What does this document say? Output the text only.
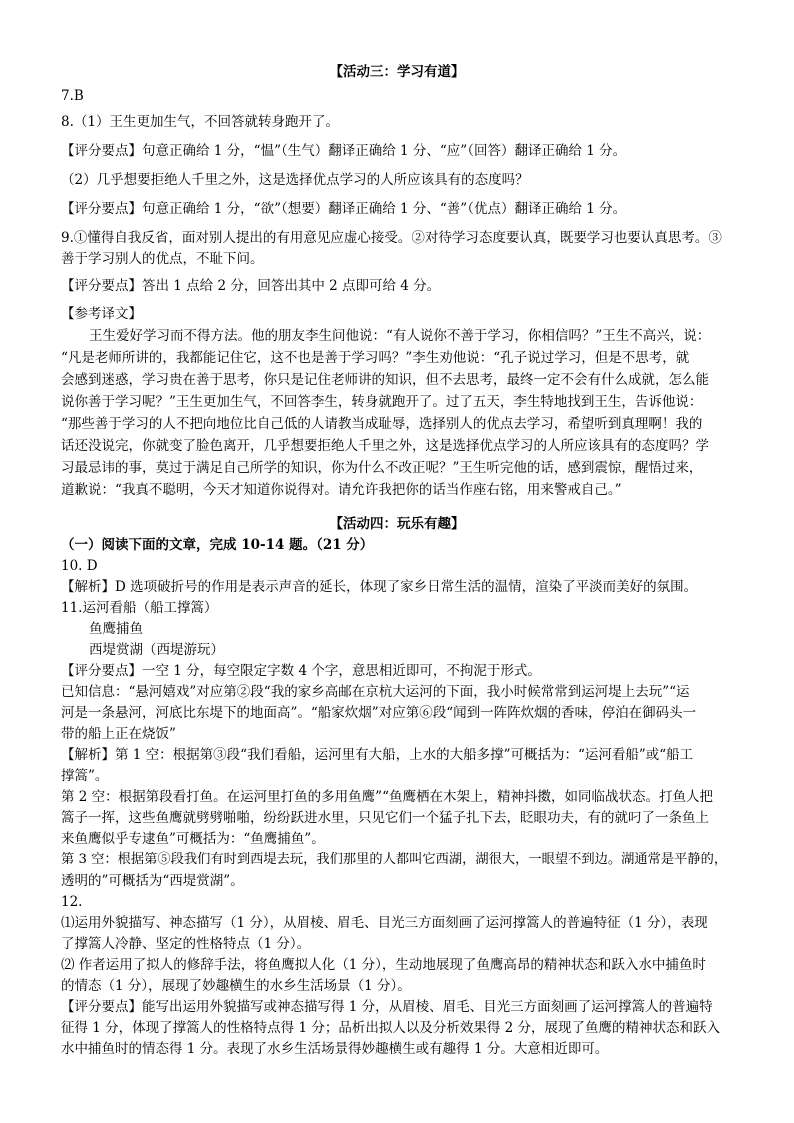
【活动三：学习有道】
7.B
8.（1）王生更加生气，不回答就转身跑开了。
【评分要点】句意正确给 1 分，“愠”（生气）翻译正确给 1 分、“应”（回答）翻译正确给 1 分。
（2）几乎想要拒绝人千里之外，这是选择优点学习的人所应该具有的态度吗？
【评分要点】句意正确给 1 分，“欲”（想要）翻译正确给 1 分、“善”（优点）翻译正确给 1 分。
9.①懂得自我反省，面对别人提出的有用意见应虚心接受。②对待学习态度要认真，既要学习也要认真思考。③
善于学习别人的优点，不耻下问。
【评分要点】答出 1 点给 2 分，回答出其中 2 点即可给 4 分。
【参考译文】
王生爱好学习而不得方法。他的朋友李生问他说：“有人说你不善于学习，你相信吗？”王生不高兴，说：
“凡是老师所讲的，我都能记住它，这不也是善于学习吗？”李生劝他说：“孔子说过学习，但是不思考，就
会感到迷惑，学习贵在善于思考，你只是记住老师讲的知识，但不去思考，最终一定不会有什么成就，怎么能
说你善于学习呢？”王生更加生气，不回答李生，转身就跑开了。过了五天，李生特地找到王生，告诉他说：
“那些善于学习的人不把向地位比自己低的人请教当成耻辱，选择别人的优点去学习，希望听到真理啊！我的
话还没说完，你就变了脸色离开，几乎想要拒绝人千里之外，这是选择优点学习的人所应该具有的态度吗？学
习最忌讳的事，莫过于满足自己所学的知识，你为什么不改正呢？”王生听完他的话，感到震惊，醒悟过来，
道歉说：“我真不聪明，今天才知道你说得对。请允许我把你的话当作座右铭，用来警戒自己。”
【活动四：玩乐有趣】
（一）阅读下面的文章，完成 10-14 题。（21 分）
10. D
【解析】D 选项破折号的作用是表示声音的延长，体现了家乡日常生活的温情，渲染了平淡而美好的氛围。
11.运河看船（船工撑篙）
鱼鹰捕鱼
西堤赏湖（西堤游玩）
【评分要点】一空 1 分，每空限定字数 4 个字，意思相近即可，不拘泥于形式。
已知信息：“悬河嬉戏”对应第②段“我的家乡高邮在京杭大运河的下面，我小时候常常到运河堤上去玩”“运
河是一条悬河，河底比东堤下的地面高”。“船家炊烟”对应第⑥段“闻到一阵阵炊烟的香味，停泊在御码头一
带的船上正在烧饭”
【解析】第 1 空：根据第③段“我们看船，运河里有大船，上水的大船多撑”可概括为：“运河看船”或“船工
撑篙”。
第 2 空：根据第段看打鱼。在运河里打鱼的多用鱼鹰”“鱼鹰栖在木架上，精神抖擞，如同临战状态。打鱼人把
篙子一挥，这些鱼鹰就劈劈啪啪，纷纷跃进水里，只见它们一个猛子扎下去，眨眼功夫，有的就叼了一条鱼上
来鱼鹰似乎专逮鱼”可概括为：“鱼鹰捕鱼”。
第 3 空：根据第⑤段我们有时到西堤去玩，我们那里的人都叫它西湖，湖很大，一眼望不到边。湖通常是平静的，
透明的”可概括为“西堤赏湖”。
12.
⑴运用外貌描写、神态描写（1 分），从眉棱、眉毛、目光三方面刻画了运河撑篙人的普遍特征（1 分），表现
了撑篙人冷静、坚定的性格特点（1 分）。
⑵ 作者运用了拟人的修辞手法，将鱼鹰拟人化（1 分），生动地展现了鱼鹰高昂的精神状态和跃入水中捕鱼时
的情态（1 分），展现了妙趣横生的水乡生活场景（1 分）。
【评分要点】能写出运用外貌描写或神态描写得 1 分，从眉棱、眉毛、目光三方面刻画了运河撑篙人的普遍特
征得 1 分，体现了撑篙人的性格特点得 1 分；品析出拟人以及分析效果得 2 分，展现了鱼鹰的精神状态和跃入
水中捕鱼时的情态得 1 分。表现了水乡生活场景得妙趣横生或有趣得 1 分。大意相近即可。
